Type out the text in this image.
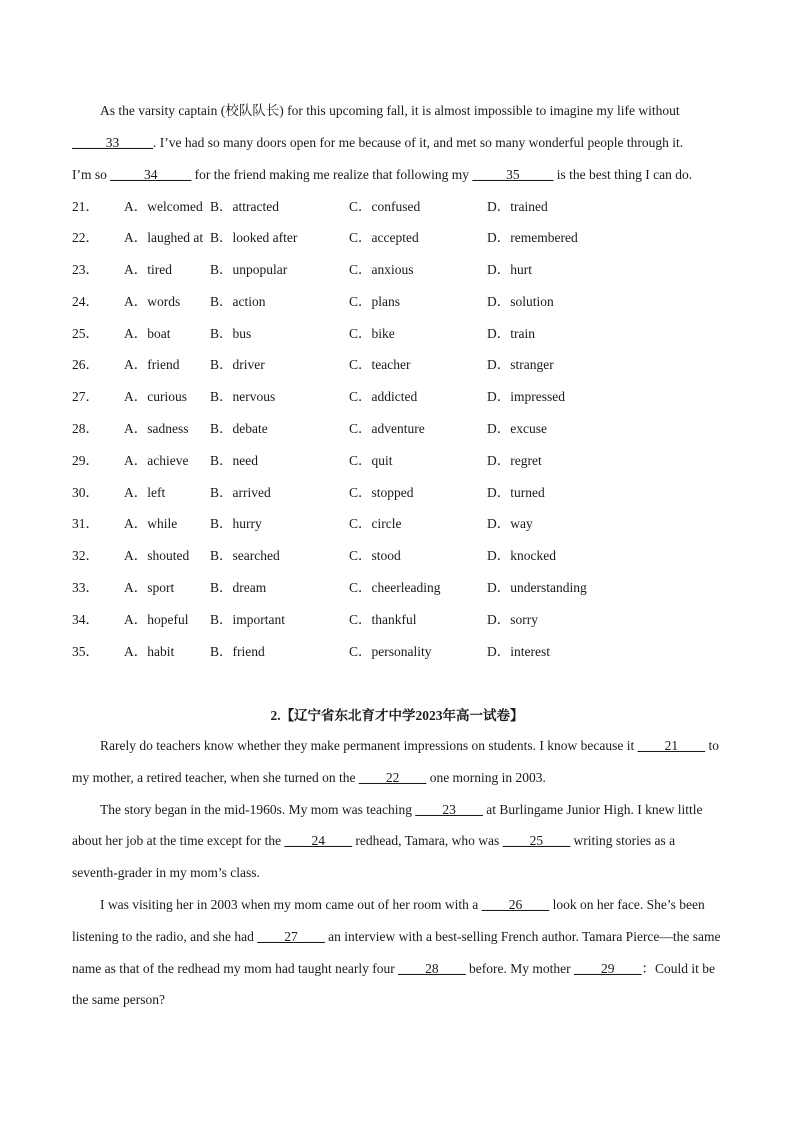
As the varsity captain (校队队长) for this upcoming fall, it is almost impossible to imagine my life without
_____33_____. I’ve had so many doors open for me because of it, and met so many wonderful people through it.
I’m so _____34_____ for the friend making me realize that following my _____35_____ is the best thing I can do.

21． A．welcomed B．attracted	C．confused	D．trained
22． A．laughed at B．looked after	C．accepted	D．remembered
23． A．tired	B．unpopular	C．anxious	D．hurt
24． A．words B．action	C．plans	D．solution
25． A．boat	B．bus	C．bike	D．train
26． A．friend B．driver	C．teacher	D．stranger
27． A．curious B．nervous	C．addicted	D．impressed
28． A．sadness B．debate	C．adventure	D．excuse
29． A．achieve B．need	C．quit	D．regret
30． A．left	B．arrived	C．stopped	D．turned
31． A．while B．hurry	C．circle	D．way
32． A．shouted B．searched	C．stood	D．knocked
33． A．sport	B．dream	C．cheerleading	D．understanding
34． A．hopeful B．important	C．thankful	D．sorry
35． A．habit	B．friend	C．personality	D．interest
2.【辽宁省东北育才中学2023年高一试卷】

Rarely do teachers know whether they make permanent impressions on students. I know because it ____21____ to my mother, a retired teacher, when she turned on the ____22____ one morning in 2003.

The story began in the mid-1960s. My mom was teaching ____23____ at Burlingame Junior High. I knew little about her job at the time except for the ____24____ redhead, Tamara, who was ____25____ writing stories as a seventh-grader in my mom’s class.

I was visiting her in 2003 when my mom came out of her room with a ____26____ look on her face. She’s been listening to the radio, and she had ____27____ an interview with a best-selling French author. Tamara Pierce—the same name as that of the redhead my mom had taught nearly four ____28____ before. My mother ____29____：Could it be the same person?
